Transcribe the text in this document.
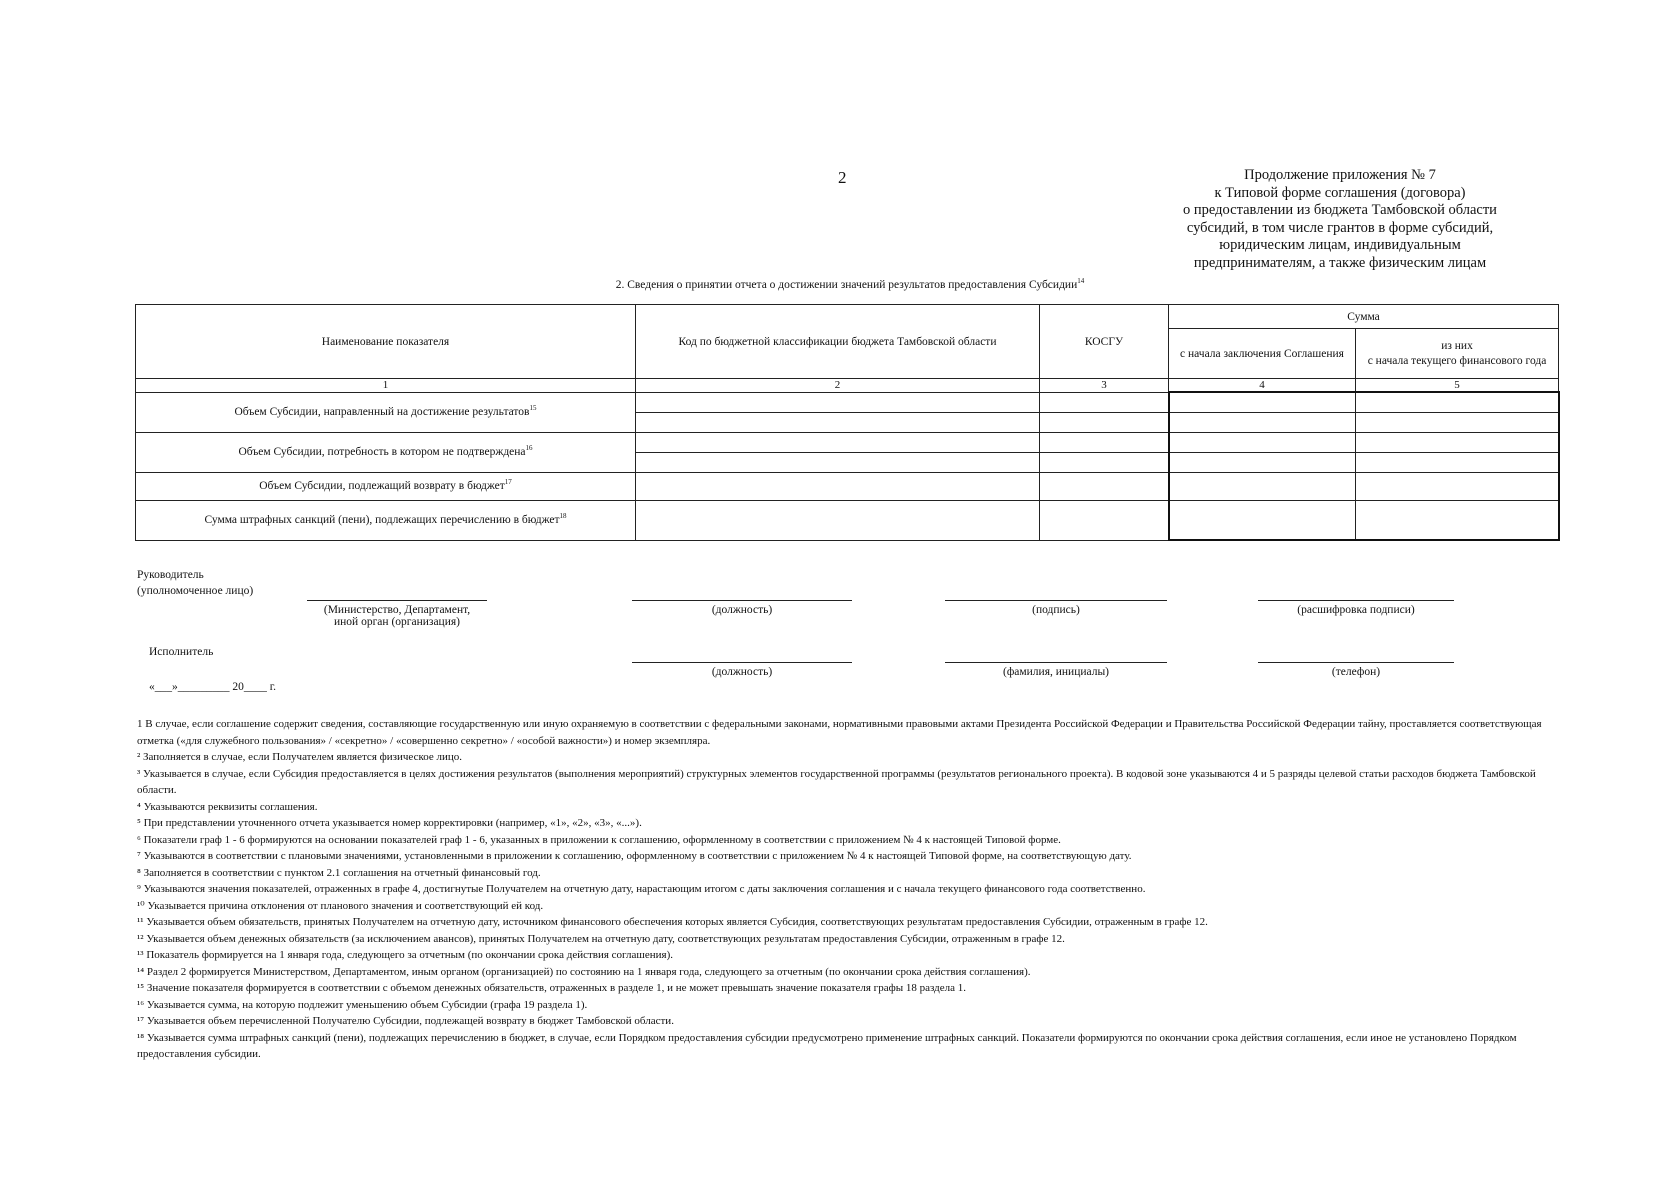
2	Продолжение приложения № 7
к Типовой форме соглашения (договора)
о предоставлении из бюджета Тамбовской области
субсидий, в том числе грантов в форме субсидий,
юридическим лицам, индивидуальным
предпринимателям, а также физическим лицам
2. Сведения о принятии отчета о достижении значений результатов предоставления Субсидии$^{14}$
Наименование показателя	Код по бюджетной классификации бюджета Тамбовской области	КОСГУ	Сумма	
			с начала заключения Соглашения	из них
с начала текущего финансового года

1	2	3	4	5
Объем Субсидии, направленный на достижение результатов$^{15}$				

Объем Субсидии, потребность в котором не подтверждена$^{16}$				

Объем Субсидии, подлежащий возврату в бюджет$^{17}$				
Сумма штрафных санкций (пени), подлежащих перечислению в бюджет$^{18}$				
Руководитель
(уполномоченное лицо)
(Министерство, Департамент,
иной орган (организация)
(должность)	(подпись)	(расшифровка подписи)
Исполнитель
(должность)	(фамилия, инициалы)	(телефон)
«___»_________ 20____ г.

1 В случае, если соглашение содержит сведения, составляющие государственную или иную охраняемую в соответствии с федеральными законами, нормативными правовыми актами Президента Российской Федерации и Правительства Российской Федерации тайну, проставляется соответствующая отметка («для служебного пользования» / «секретно» / «совершенно секретно» / «особой важности») и номер экземпляра.

² Заполняется в случае, если Получателем является физическое лицо.

³ Указывается в случае, если Субсидия предоставляется в целях достижения результатов (выполнения мероприятий) структурных элементов государственной программы (результатов регионального проекта). В кодовой зоне указываются 4 и 5 разряды целевой статьи расходов бюджета Тамбовской области.

⁴ Указываются реквизиты соглашения.

⁵ При представлении уточненного отчета указывается номер корректировки (например, «1», «2», «3», «...»).

⁶ Показатели граф 1 - 6 формируются на основании показателей граф 1 - 6, указанных в приложении к соглашению, оформленному в соответствии с приложением № 4 к настоящей Типовой форме.

⁷ Указываются в соответствии с плановыми значениями, установленными в приложении к соглашению, оформленному в соответствии с приложением № 4 к настоящей Типовой форме, на соответствующую дату.

⁸ Заполняется в соответствии с пунктом 2.1 соглашения на отчетный финансовый год.

⁹ Указываются значения показателей, отраженных в графе 4, достигнутые Получателем на отчетную дату, нарастающим итогом с даты заключения соглашения и с начала текущего финансового года соответственно.

¹⁰ Указывается причина отклонения от планового значения и соответствующий ей код.

¹¹ Указывается объем обязательств, принятых Получателем на отчетную дату, источником финансового обеспечения которых является Субсидия, соответствующих результатам предоставления Субсидии, отраженным в графе 12.

¹² Указывается объем денежных обязательств (за исключением авансов), принятых Получателем на отчетную дату, соответствующих результатам предоставления Субсидии, отраженным в графе 12.

¹³ Показатель формируется на 1 января года, следующего за отчетным (по окончании срока действия соглашения).

¹⁴ Раздел 2 формируется Министерством, Департаментом, иным органом (организацией) по состоянию на 1 января года, следующего за отчетным (по окончании срока действия соглашения).

¹⁵ Значение показателя формируется в соответствии с объемом денежных обязательств, отраженных в разделе 1, и не может превышать значение показателя графы 18 раздела 1.

¹⁶ Указывается сумма, на которую подлежит уменьшению объем Субсидии (графа 19 раздела 1).

¹⁷ Указывается объем перечисленной Получателю Субсидии, подлежащей возврату в бюджет Тамбовской области.

¹⁸ Указывается сумма штрафных санкций (пени), подлежащих перечислению в бюджет, в случае, если Порядком предоставления субсидии предусмотрено применение штрафных санкций. Показатели формируются по окончании срока действия соглашения, если иное не установлено Порядком предоставления субсидии.
